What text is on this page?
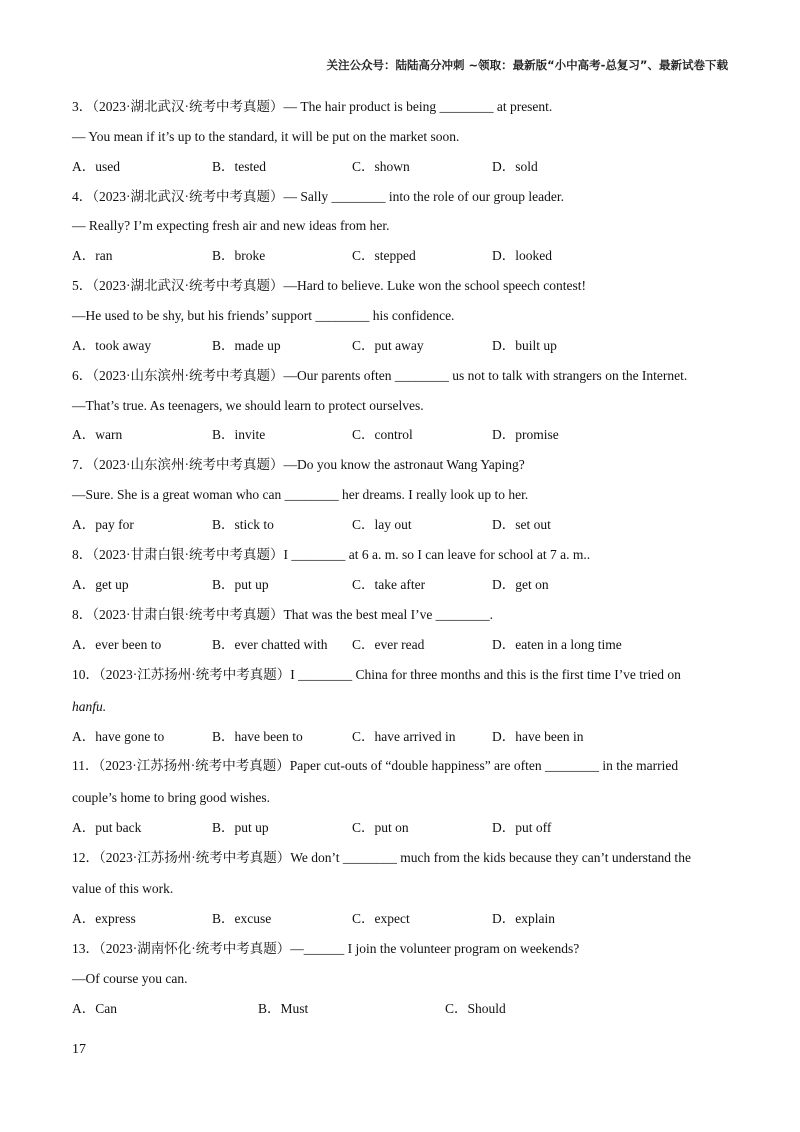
关注公众号：陆陆高分冲刺 ~领取：最新版“小中高考-总复习”、最新试卷下载
3．（2023·湖北武汉·统考中考真题）— The hair product is being ________ at present.
— You mean if it’s up to the standard, it will be put on the market soon.
A．used	B．tested	C．shown	D．sold
4．（2023·湖北武汉·统考中考真题）— Sally ________ into the role of our group leader.
— Really? I’m expecting fresh air and new ideas from her.
A．ran	B．broke	C．stepped	D．looked
5．（2023·湖北武汉·统考中考真题）—Hard to believe. Luke won the school speech contest!
—He used to be shy, but his friends’ support ________ his confidence.
A．took away	B．made up	C．put away	D．built up
6．（2023·山东滨州·统考中考真题）—Our parents often ________ us not to talk with strangers on the Internet.
—That’s true. As teenagers, we should learn to protect ourselves.
A．warn	B．invite	C．control	D．promise
7．（2023·山东滨州·统考中考真题）—Do you know the astronaut Wang Yaping?
—Sure. She is a great woman who can ________ her dreams. I really look up to her.
A．pay for	B．stick to	C．lay out	D．set out
8．（2023·甘肃白银·统考中考真题）I ________ at 6 a. m. so I can leave for school at 7 a. m..
A．get up	B．put up	C．take after	D．get on
8．（2023·甘肃白银·统考中考真题）That was the best meal I’ve ________.
A．ever been to	B．ever chatted with C．ever read	D．eaten in a long time
10．（2023·江苏扬州·统考中考真题）I ________ China for three months and this is the first time I’ve tried on
hanfu.
A．have gone to	B．have been to	C．have arrived in	D．have been in
11．（2023·江苏扬州·统考中考真题）Paper cut-outs of “double happiness” are often ________ in the married
couple’s home to bring good wishes.
A．put back	B．put up	C．put on	D．put off
12．（2023·江苏扬州·统考中考真题）We don’t ________ much from the kids because they can’t understand the
value of this work.
A．express	B．excuse	C．expect	D．explain
13．（2023·湖南怀化·统考中考真题）—______ I join the volunteer program on weekends?
—Of course you can.
A．Can	B．Must	C．Should
17
